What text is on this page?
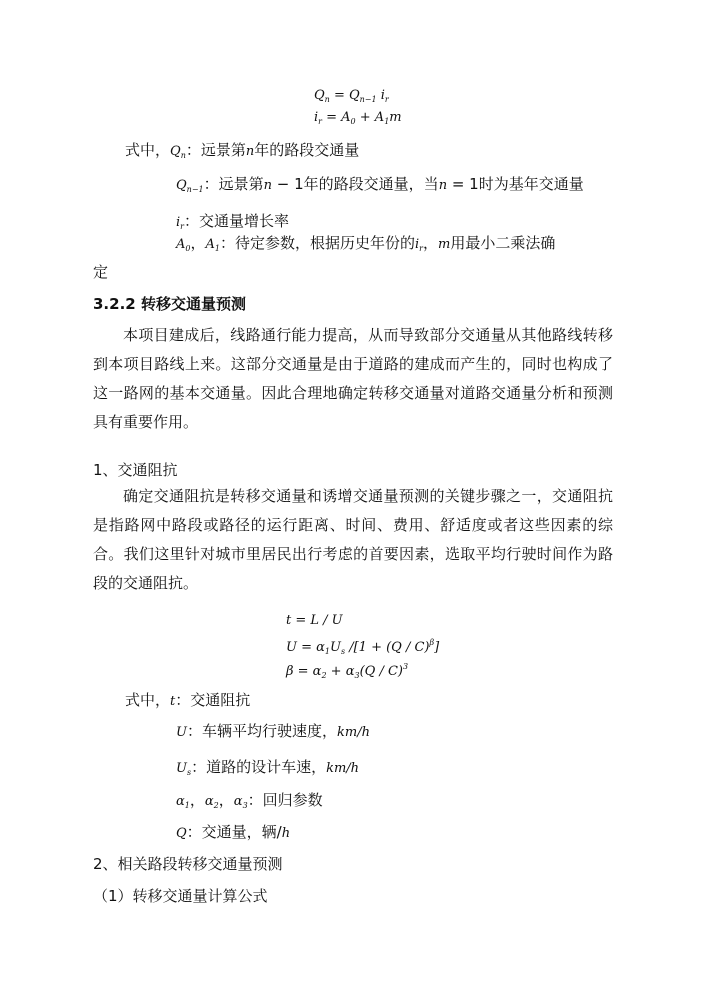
$Q_n = Q_{n-1}$ $i_r$
$i_r = A_0 + A_1m$
式中，$Q_n$：远景第n年的路段交通量
$Q_{n-1}$：远景第n − 1年的路段交通量，当n = 1时为基年交通量
$i_r$：交通量增长率
$A_0$，$A_1$：待定参数，根据历史年份的$i_r$，m用最小二乘法确
定
3.2.2 转移交通量预测
本项目建成后，线路通行能力提高，从而导致部分交通量从其他路线转移到本项目路线上来。这部分交通量是由于道路的建成而产生的，同时也构成了这一路网的基本交通量。因此合理地确定转移交通量对道路交通量分析和预测具有重要作用。
1、交通阻抗
确定交通阻抗是转移交通量和诱增交通量预测的关键步骤之一，交通阻抗是指路网中路段或路径的运行距离、时间、费用、舒适度或者这些因素的综合。我们这里针对城市里居民出行考虑的首要因素，选取平均行驶时间作为路段的交通阻抗。
t = L / U
$U = \alpha_1U_s$ /[1 + (Q / C)$^\beta$]
$\beta = \alpha_2 + \alpha_3(Q / C)^3$
式中，t：交通阻抗
U：车辆平均行驶速度，km/h
$U_s$：道路的设计车速，km/h
$\alpha_1$，$\alpha_2$，$\alpha_3$：回归参数
Q：交通量，辆/h
2、相关路段转移交通量预测
（1）转移交通量计算公式
